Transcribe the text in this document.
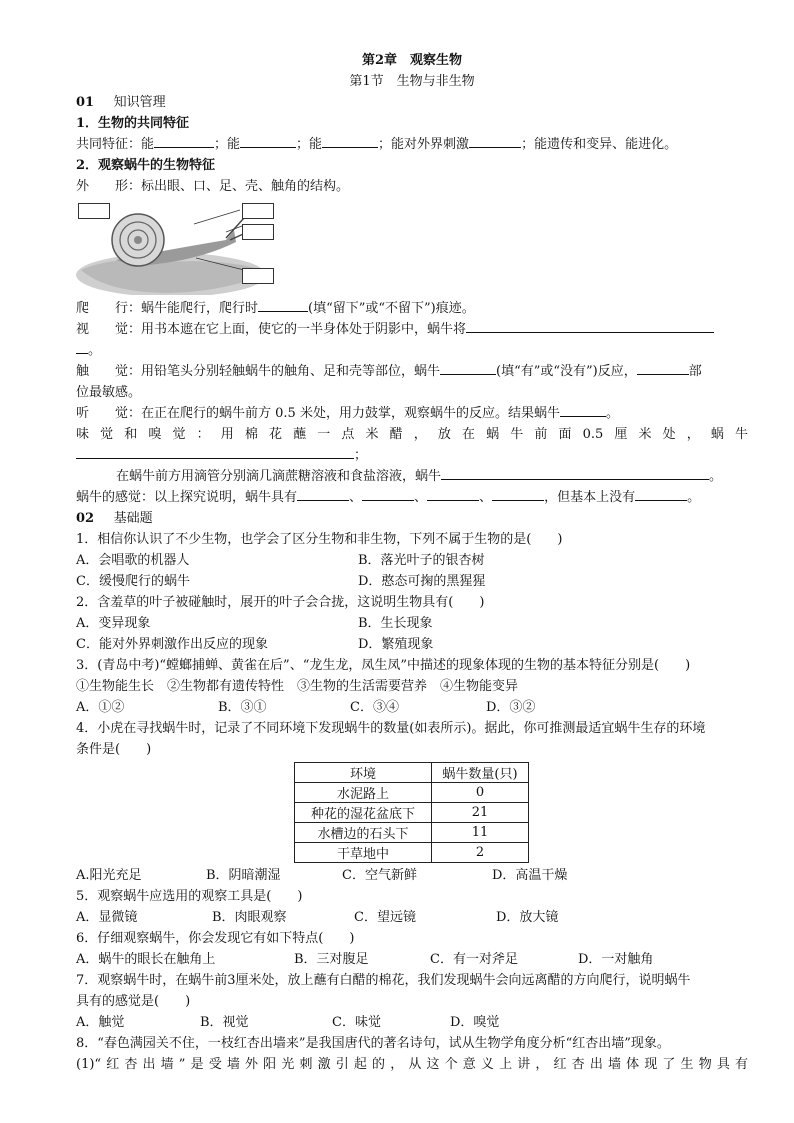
第2章　观察生物
第1节　生物与非生物
01   知识管理
1．生物的共同特征
共同特征：能	；能	；能	；能对外界刺激	；能遗传和变异、能进化。
2．观察蜗牛的生物特征
外　　形：标出眼、口、足、壳、触角的结构。
爬　　行：蜗牛能爬行，爬行时	(填“留下”或“不留下”)痕迹。
视　　觉：用书本遮在它上面，使它的一半身体处于阴影中，蜗牛将
。
触　　觉：用铅笔头分别轻触蜗牛的触角、足和壳等部位，蜗牛	(填“有”或“没有”)反应，	部
位最敏感。
听　　觉：在正在爬行的蜗牛前方 0.5 米处，用力鼓掌，观察蜗牛的反应。结果蜗牛	。
味觉和嗅觉：用棉花蘸一点米醋，放在蜗牛前面0.5厘米处，蜗牛
；
在蜗牛前方用滴管分别滴几滴蔗糖溶液和食盐溶液，蜗牛	。
蜗牛的感觉：以上探究说明，蜗牛具有	、	、	、	，但基本上没有	。
02   基础题
1．相信你认识了不少生物，也学会了区分生物和非生物，下列不属于生物的是(　　)
A．会唱歌的机器人	B．落光叶子的银杏树
C．缓慢爬行的蜗牛	D．憨态可掬的黑猩猩
2．含羞草的叶子被碰触时，展开的叶子会合拢，这说明生物具有(　　)
A．变异现象	B．生长现象
C．能对外界刺激作出反应的现象	D．繁殖现象
3．(青岛中考)“螳螂捕蝉、黄雀在后”、“龙生龙，凤生凤”中描述的现象体现的生物的基本特征分别是(　　)
①生物能生长　②生物都有遗传特性　③生物的生活需要营养　④生物能变异
A．①②	B．③①	C．③④	D．③②
4．小虎在寻找蜗牛时，记录了不同环境下发现蜗牛的数量(如表所示)。据此，你可推测最适宜蜗牛生存的环境
条件是(　　)
环境	蜗牛数量(只)
水泥路上	0
种花的湿花盆底下	21
水槽边的石头下	11
干草地中	2
A.阳光充足	B．阴暗潮湿	C．空气新鲜	D．高温干燥
5．观察蜗牛应选用的观察工具是(　　)
A．显微镜	B．肉眼观察	C．望远镜	D．放大镜
6．仔细观察蜗牛，你会发现它有如下特点(　　)
A．蜗牛的眼长在触角上	B．三对腹足	C．有一对斧足	D．一对触角
7．观察蜗牛时，在蜗牛前3厘米处，放上蘸有白醋的棉花，我们发现蜗牛会向远离醋的方向爬行，说明蜗牛
具有的感觉是(　　)
A．触觉	B．视觉	C．味觉	D．嗅觉
8．“春色满园关不住，一枝红杏出墙来”是我国唐代的著名诗句，试从生物学角度分析“红杏出墙”现象。
(1)“红杏出墙”是受墙外阳光刺激引起的，从这个意义上讲，红杏出墙体现了生物具有
